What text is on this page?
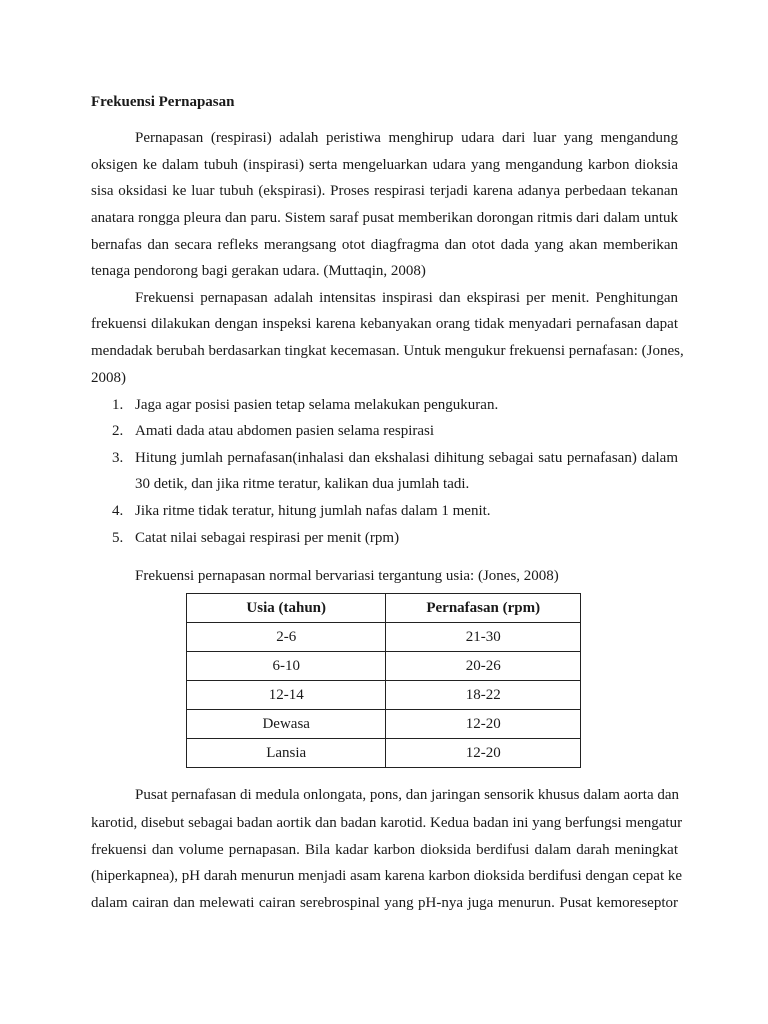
Frekuensi Pernapasan
Pernapasan (respirasi) adalah peristiwa menghirup udara dari luar yang mengandung
oksigen ke dalam tubuh (inspirasi) serta mengeluarkan udara yang mengandung karbon dioksia
sisa oksidasi ke luar tubuh (ekspirasi). Proses respirasi terjadi karena adanya perbedaan tekanan
anatara rongga pleura dan paru. Sistem saraf pusat memberikan dorongan ritmis dari dalam untuk
bernafas dan secara refleks merangsang otot diagfragma dan otot dada yang akan memberikan
tenaga pendorong bagi gerakan udara. (Muttaqin, 2008)
Frekuensi pernapasan adalah intensitas inspirasi dan ekspirasi per menit. Penghitungan
frekuensi dilakukan dengan inspeksi karena kebanyakan orang tidak menyadari pernafasan dapat
mendadak berubah berdasarkan tingkat kecemasan. Untuk mengukur frekuensi pernafasan: (Jones,
2008)
1. Jaga agar posisi pasien tetap selama melakukan pengukuran.
2. Amati dada atau abdomen pasien selama respirasi
3. Hitung jumlah pernafasan(inhalasi dan ekshalasi dihitung sebagai satu pernafasan) dalam
30 detik, dan jika ritme teratur, kalikan dua jumlah tadi.
4. Jika ritme tidak teratur, hitung jumlah nafas dalam 1 menit.
5. Catat nilai sebagai respirasi per menit (rpm)
Frekuensi pernapasan normal bervariasi tergantung usia: (Jones, 2008)
Usia (tahun)	Pernafasan (rpm)
2-6	21-30
6-10	20-26
12-14	18-22
Dewasa	12-20
Lansia	12-20
Pusat pernafasan di medula onlongata, pons, dan jaringan sensorik khusus dalam aorta dan
karotid, disebut sebagai badan aortik dan badan karotid. Kedua badan ini yang berfungsi mengatur
frekuensi dan volume pernapasan. Bila kadar karbon dioksida berdifusi dalam darah meningkat
(hiperkapnea), pH darah menurun menjadi asam karena karbon dioksida berdifusi dengan cepat ke
dalam cairan dan melewati cairan serebrospinal yang pH-nya juga menurun. Pusat kemoreseptor
